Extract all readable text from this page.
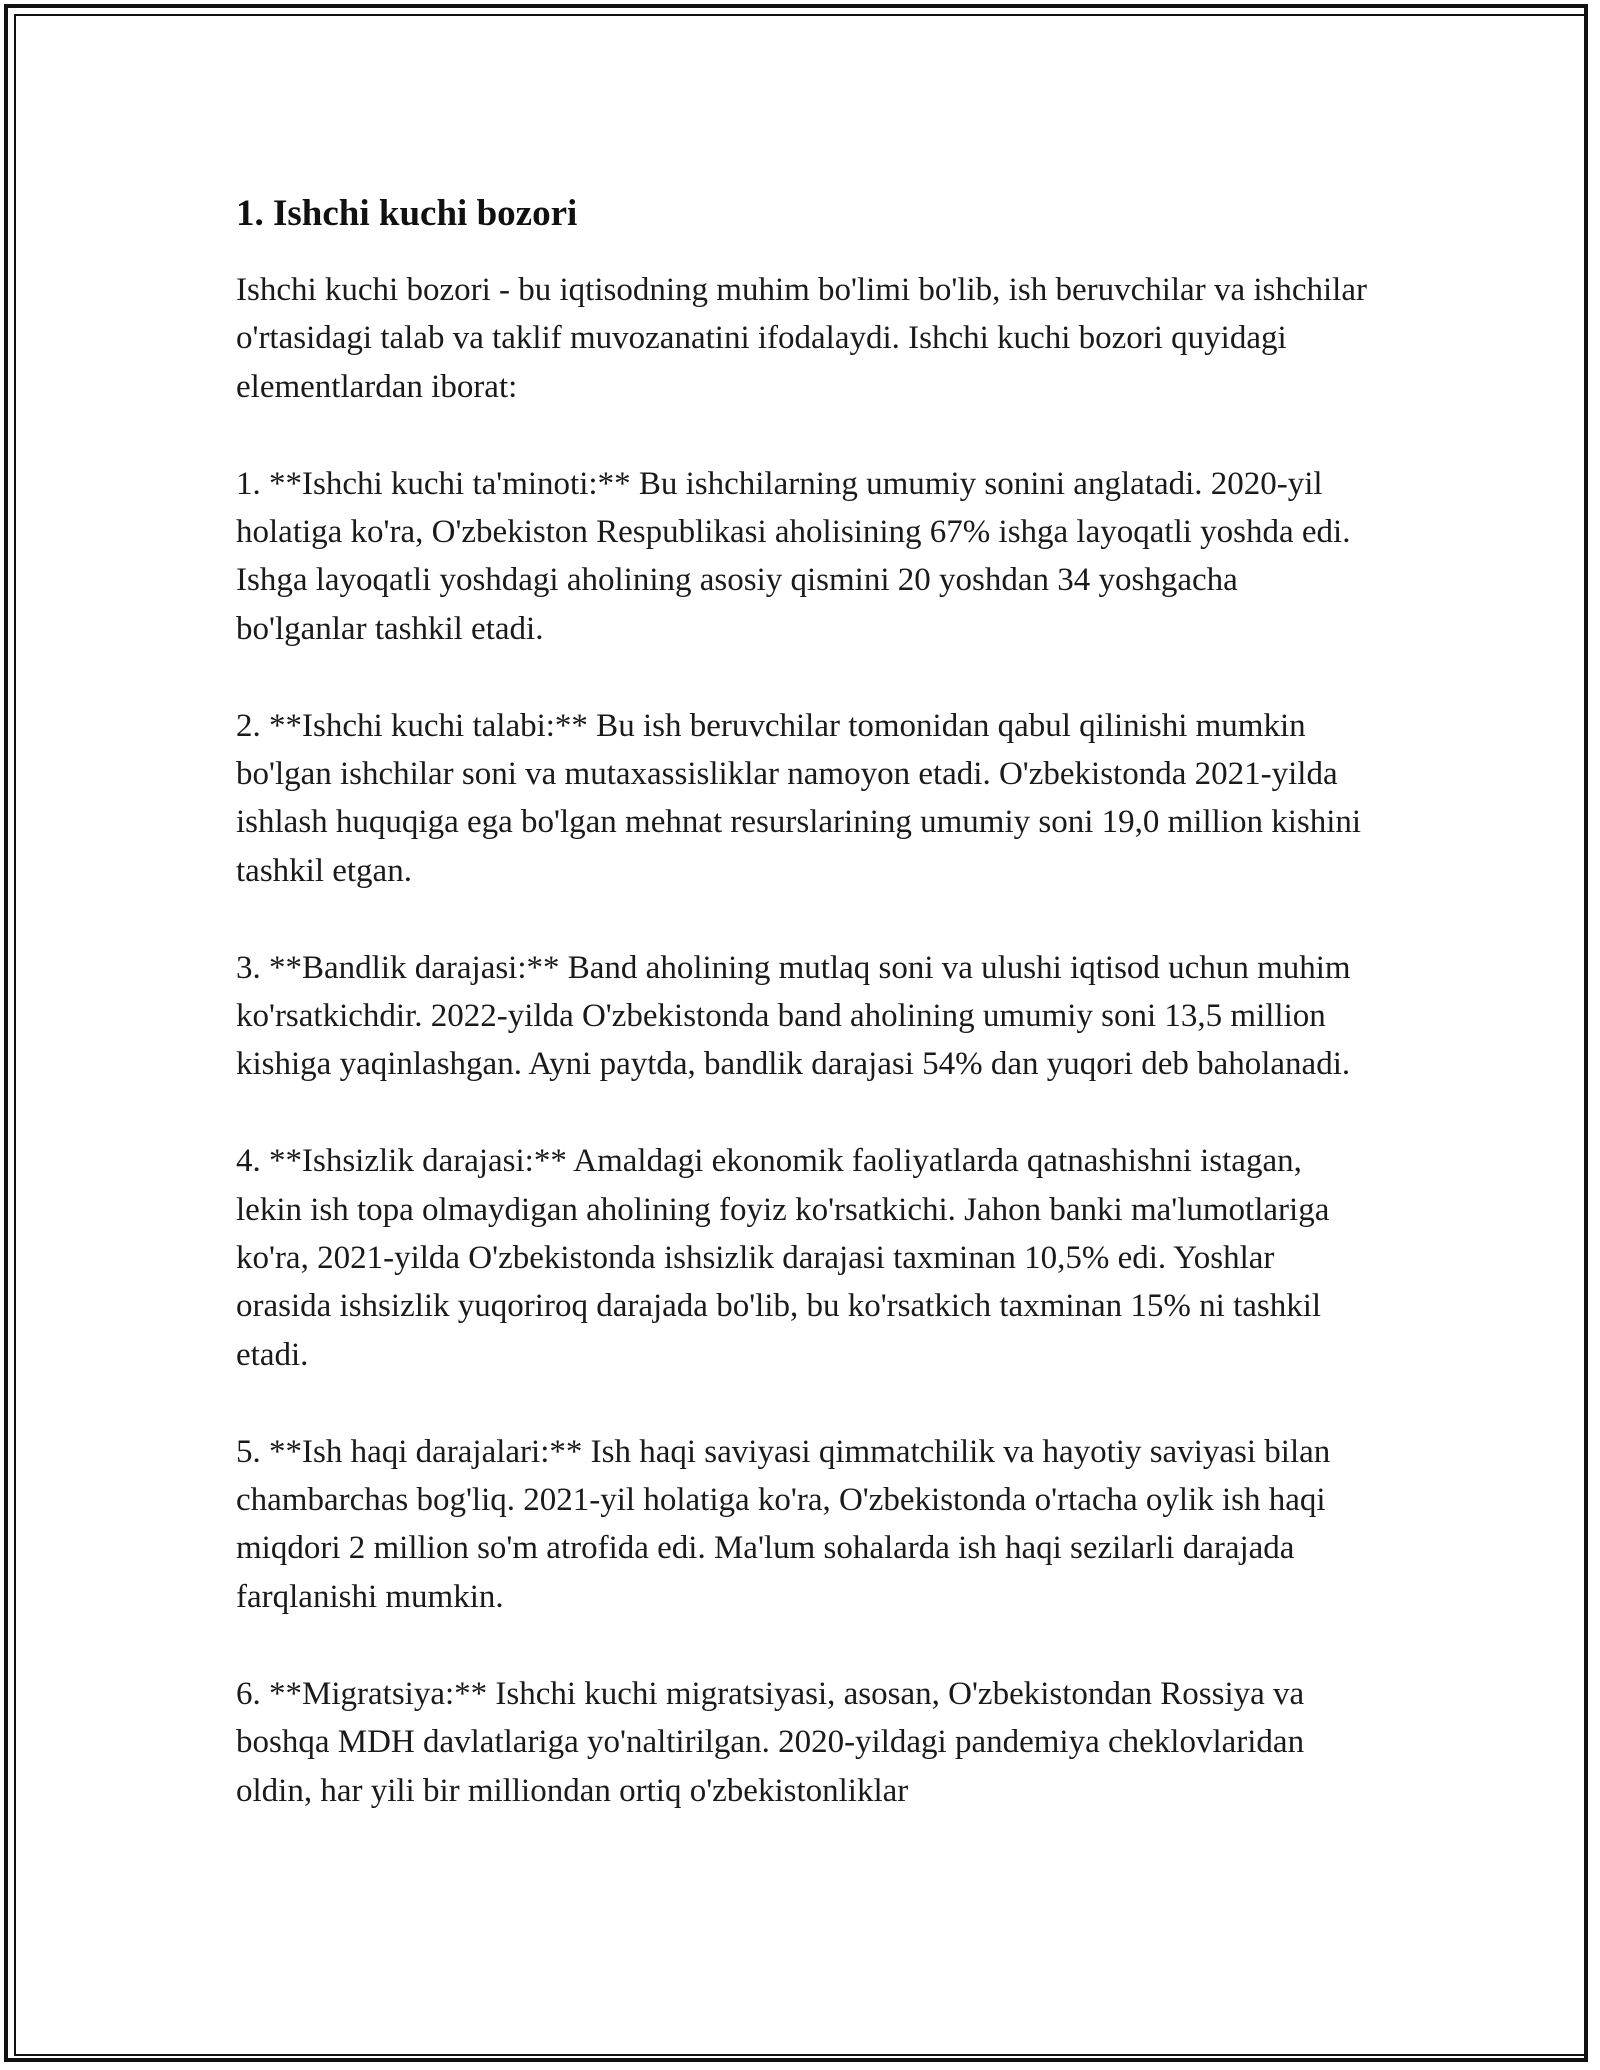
1. Ishchi kuchi bozori

Ishchi kuchi bozori - bu iqtisodning muhim bo'limi bo'lib, ish beruvchilar va ishchilar o'rtasidagi talab va taklif muvozanatini ifodalaydi. Ishchi kuchi bozori quyidagi elementlardan iborat:

1. **Ishchi kuchi ta'minoti:** Bu ishchilarning umumiy sonini anglatadi. 2020-yil holatiga ko'ra, O'zbekiston Respublikasi aholisining 67% ishga layoqatli yoshda edi. Ishga layoqatli yoshdagi aholining asosiy qismini 20 yoshdan 34 yoshgacha bo'lganlar tashkil etadi.

2. **Ishchi kuchi talabi:** Bu ish beruvchilar tomonidan qabul qilinishi mumkin bo'lgan ishchilar soni va mutaxassisliklar namoyon etadi. O'zbekistonda 2021-yilda ishlash huquqiga ega bo'lgan mehnat resurslarining umumiy soni 19,0 million kishini tashkil etgan.

3. **Bandlik darajasi:** Band aholining mutlaq soni va ulushi iqtisod uchun muhim ko'rsatkichdir. 2022-yilda O'zbekistonda band aholining umumiy soni 13,5 million kishiga yaqinlashgan. Ayni paytda, bandlik darajasi 54% dan yuqori deb baholanadi.

4. **Ishsizlik darajasi:** Amaldagi ekonomik faoliyatlarda qatnashishni istagan, lekin ish topa olmaydigan aholining foyiz ko'rsatkichi. Jahon banki ma'lumotlariga ko'ra, 2021-yilda O'zbekistonda ishsizlik darajasi taxminan 10,5% edi. Yoshlar orasida ishsizlik yuqoriroq darajada bo'lib, bu ko'rsatkich taxminan 15% ni tashkil etadi.

5. **Ish haqi darajalari:** Ish haqi saviyasi qimmatchilik va hayotiy saviyasi bilan chambarchas bog'liq. 2021-yil holatiga ko'ra, O'zbekistonda o'rtacha oylik ish haqi miqdori 2 million so'm atrofida edi. Ma'lum sohalarda ish haqi sezilarli darajada farqlanishi mumkin.

6. **Migratsiya:** Ishchi kuchi migratsiyasi, asosan, O'zbekistondan Rossiya va boshqa MDH davlatlariga yo'naltirilgan. 2020-yildagi pandemiya cheklovlaridan oldin, har yili bir milliondan ortiq o'zbekistonliklar
